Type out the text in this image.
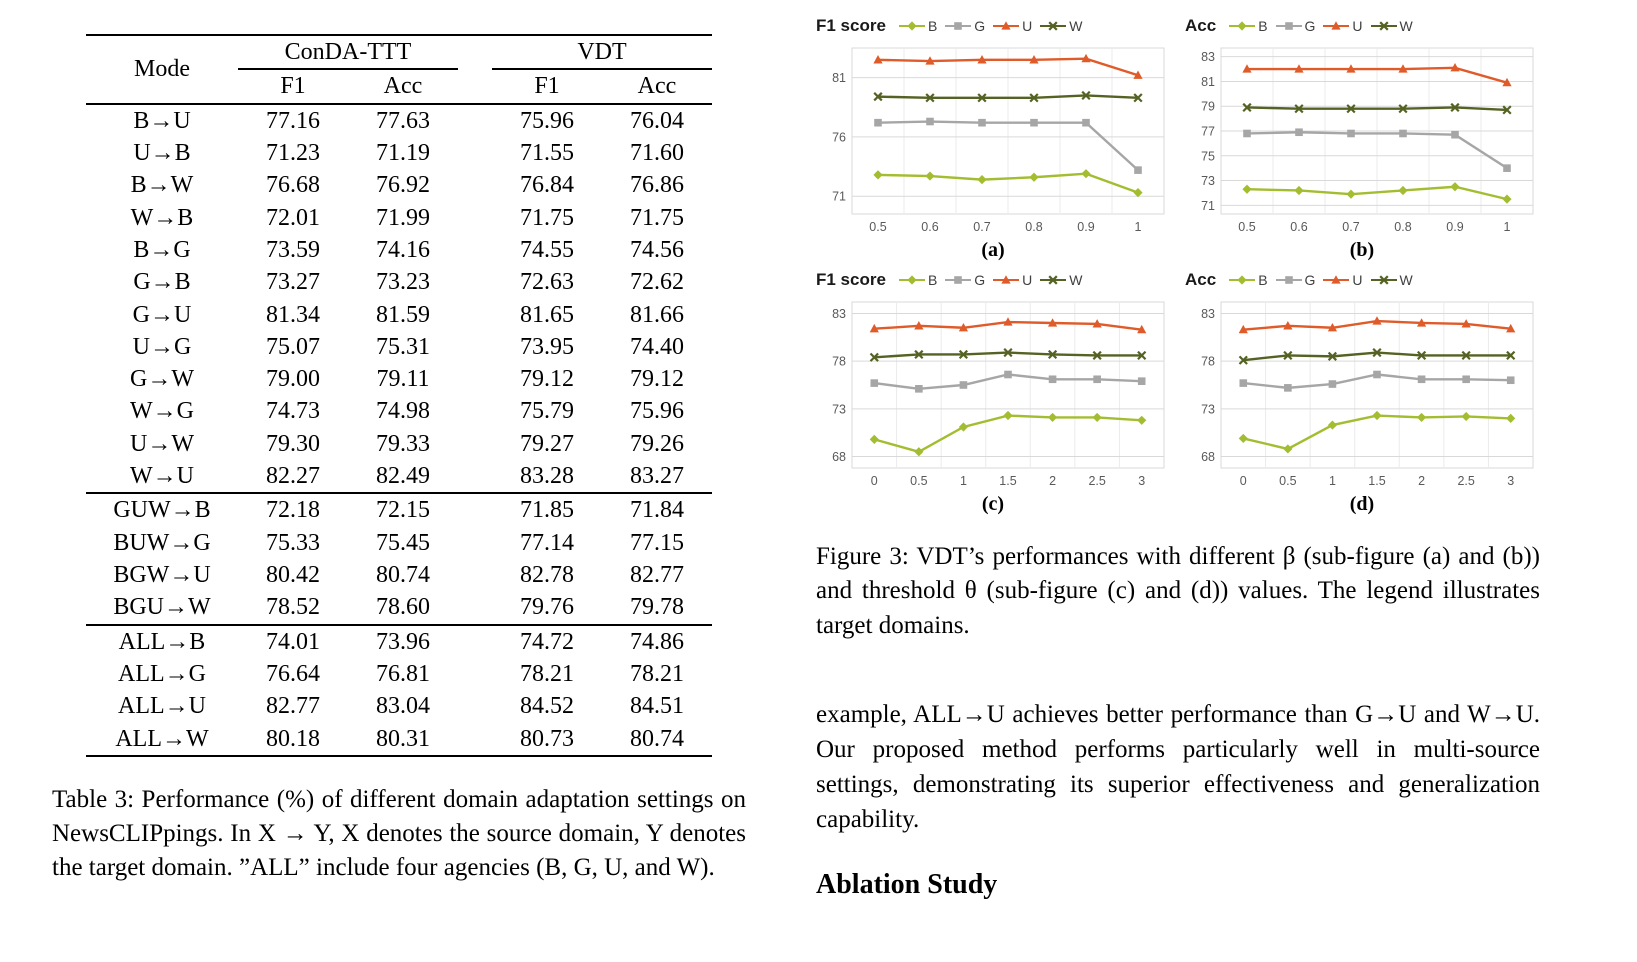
Mode	ConDA-TTT			VDT	
	F1	Acc		F1	Acc
B→U	77.16	77.63		75.96	76.04
U→B	71.23	71.19		71.55	71.60
B→W	76.68	76.92		76.84	76.86
W→B	72.01	71.99		71.75	71.75
B→G	73.59	74.16		74.55	74.56
G→B	73.27	73.23		72.63	72.62
G→U	81.34	81.59		81.65	81.66
U→G	75.07	75.31		73.95	74.40
G→W	79.00	79.11		79.12	79.12
W→G	74.73	74.98		75.79	75.96
U→W	79.30	79.33		79.27	79.26
W→U	82.27	82.49		83.28	83.27
GUW→B	72.18	72.15		71.85	71.84
BUW→G	75.33	75.45		77.14	77.15
BGW→U	80.42	80.74		82.78	82.77
BGU→W	78.52	78.60		79.76	79.78
ALL→B	74.01	73.96		74.72	74.86
ALL→G	76.64	76.81		78.21	78.21
ALL→U	82.77	83.04		84.52	84.51
ALL→W	80.18	80.31		80.73	80.74

Table 3: Performance (%) of different domain adaptation settings on NewsCLIPpings. In X → Y, X denotes the source domain, Y denotes the target domain. ”ALL” include four agencies (B, G, U, and W).

F1 score	B	G	U	W
71
76
81
0.5	0.6	0.7	0.8	0.9	1
(a)
Acc	B	G	U	W
71
73
75
77
79
81
83
0.5	0.6	0.7	0.8	0.9	1
(b)
F1 score	B	G	U	W
68
73
78
83
0	0.5	1	1.5	2	2.5	3
(c)
Acc	B	G	U	W
68
73
78
83
0	0.5	1	1.5	2	2.5	3
(d)

Figure 3: VDT’s performances with different β (sub-figure (a) and (b)) and threshold θ (sub-figure (c) and (d)) values. The legend illustrates target domains.

example, ALL→U achieves better performance than G→U and W→U. Our proposed method performs particularly well in multi-source settings, demonstrating its superior effectiveness and generalization capability.

Ablation Study
